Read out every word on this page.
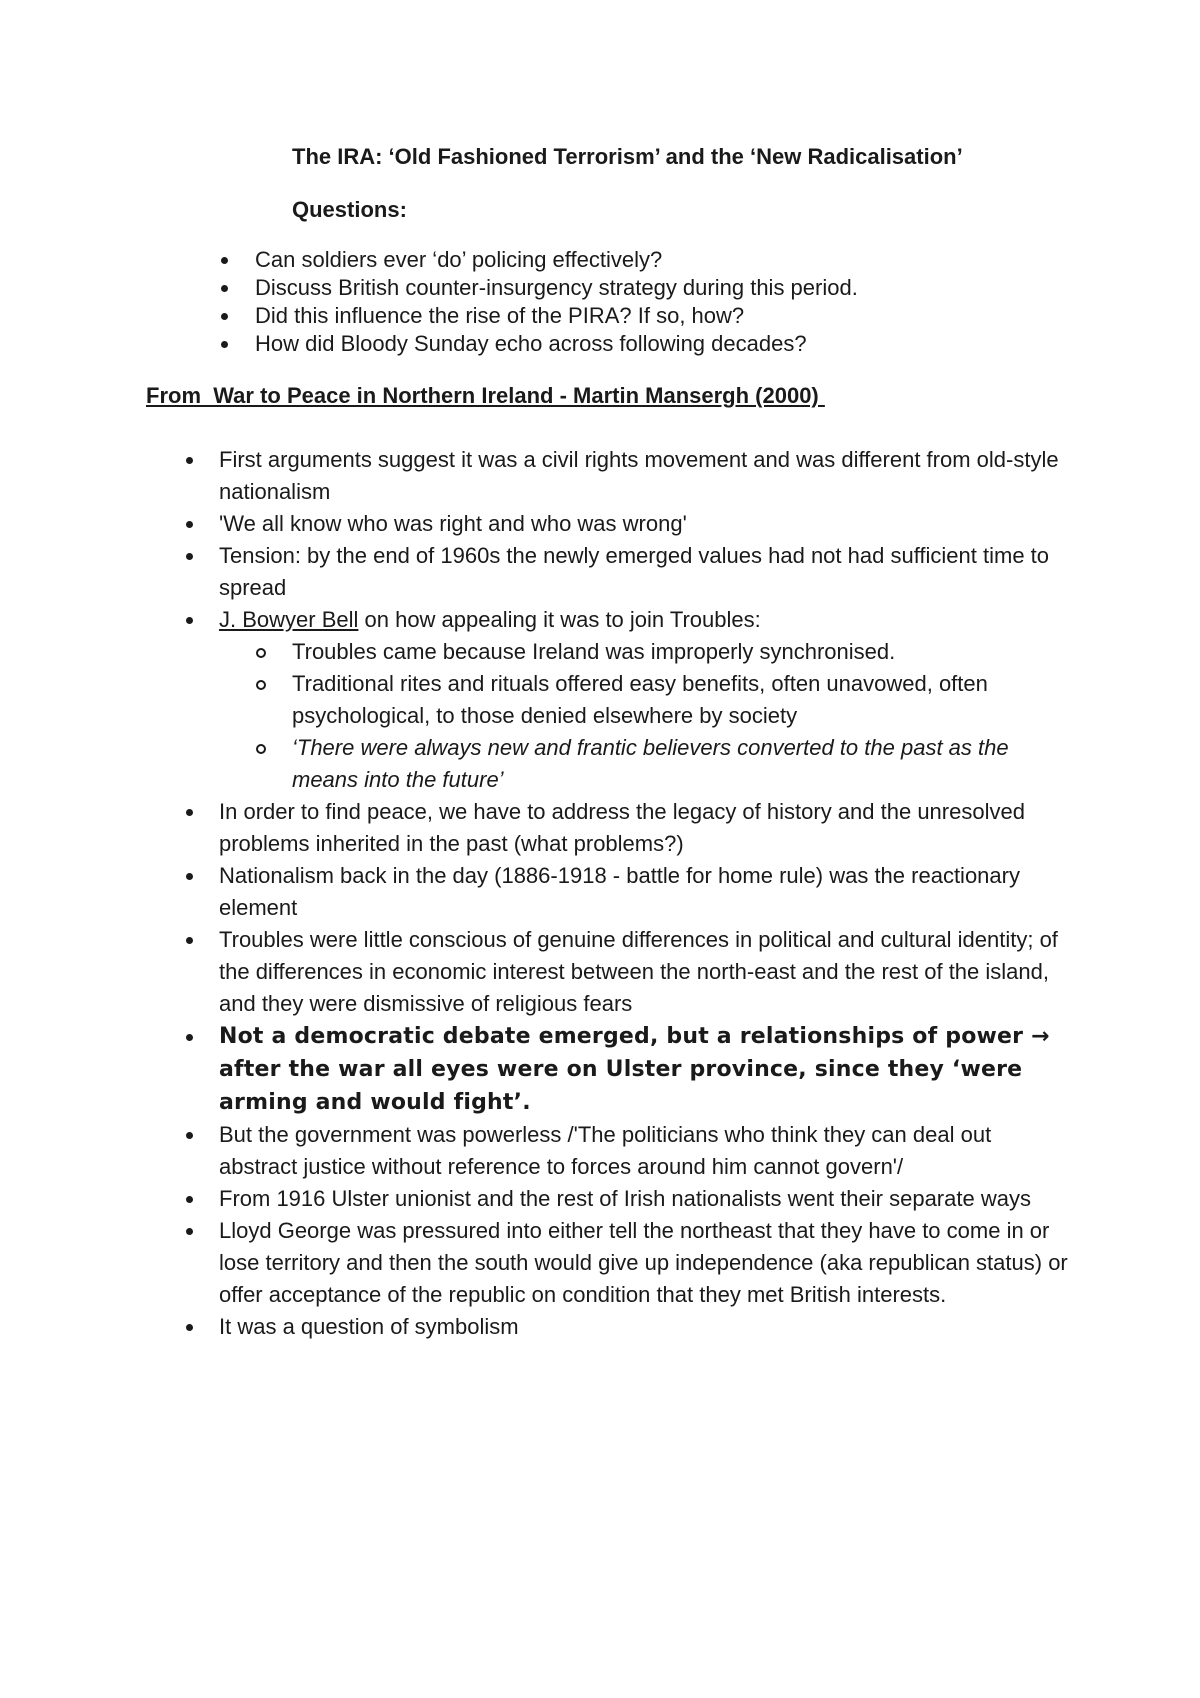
The IRA: ‘Old Fashioned Terrorism’ and the ‘New Radicalisation’
Questions:
Can soldiers ever ‘do’ policing effectively?
Discuss British counter-insurgency strategy during this period.
Did this influence the rise of the PIRA? If so, how?
How did Bloody Sunday echo across following decades?
From  War to Peace in Northern Ireland - Martin Mansergh (2000)
First arguments suggest it was a civil rights movement and was different from old-style nationalism
'We all know who was right and who was wrong'
Tension: by the end of 1960s the newly emerged values had not had sufficient time to spread
J. Bowyer Bell on how appealing it was to join Troubles:
Troubles came because Ireland was improperly synchronised.
Traditional rites and rituals offered easy benefits, often unavowed, often psychological, to those denied elsewhere by society
‘There were always new and frantic believers converted to the past as the means into the future’
In order to find peace, we have to address the legacy of history and the unresolved problems inherited in the past (what problems?)
Nationalism back in the day (1886-1918 - battle for home rule) was the reactionary element
Troubles were little conscious of genuine differences in political and cultural identity; of the differences in economic interest between the north-east and the rest of the island, and they were dismissive of religious fears
Not a democratic debate emerged, but a relationships of power → after the war all eyes were on Ulster province, since they ‘were arming and would fight’.
But the government was powerless /'The politicians who think they can deal out abstract justice without reference to forces around him cannot govern'/
From 1916 Ulster unionist and the rest of Irish nationalists went their separate ways
Lloyd George was pressured into either tell the northeast that they have to come in or lose territory and then the south would give up independence (aka republican status) or offer acceptance of the republic on condition that they met British interests.
It was a question of symbolism
